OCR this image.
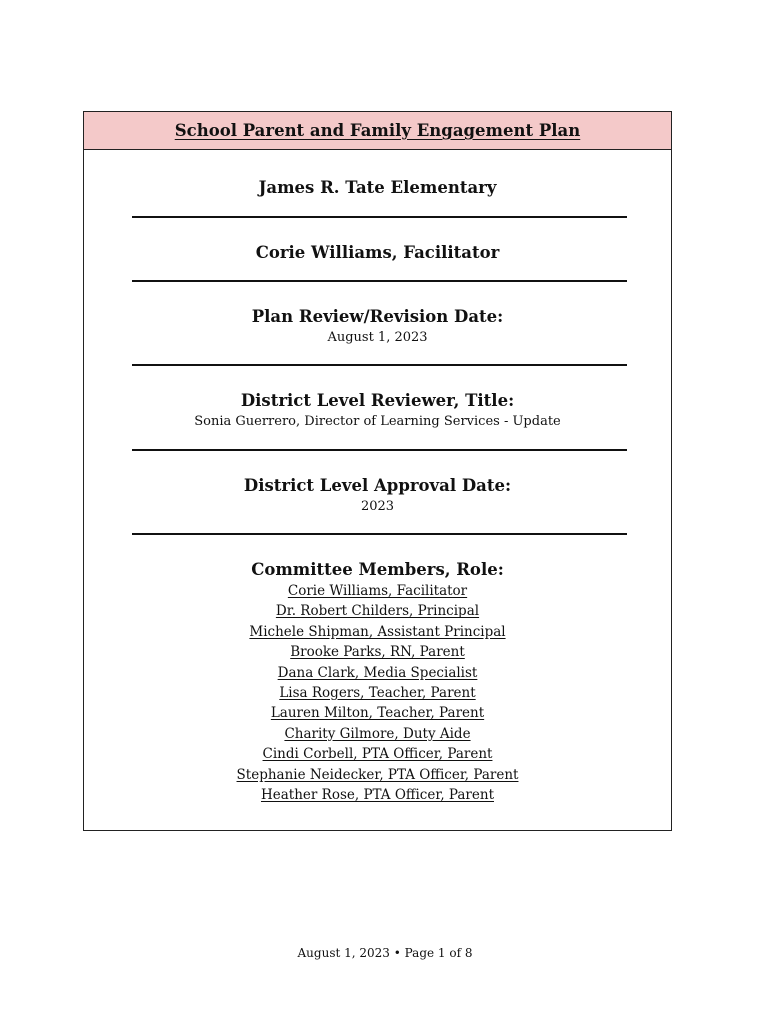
School Parent and Family Engagement Plan
James R. Tate Elementary
Corie Williams, Facilitator
Plan Review/Revision Date:
August 1, 2023
District Level Reviewer, Title:
Sonia Guerrero, Director of Learning Services - Update
District Level Approval Date:
2023
Committee Members, Role:
Corie Williams, Facilitator
Dr. Robert Childers, Principal
Michele Shipman, Assistant Principal
Brooke Parks, RN, Parent
Dana Clark, Media Specialist
Lisa Rogers, Teacher, Parent
Lauren Milton, Teacher, Parent
Charity Gilmore, Duty Aide
Cindi Corbell, PTA Officer, Parent
Stephanie Neidecker, PTA Officer, Parent
Heather Rose, PTA Officer, Parent
August 1, 2023 • Page 1 of 8
